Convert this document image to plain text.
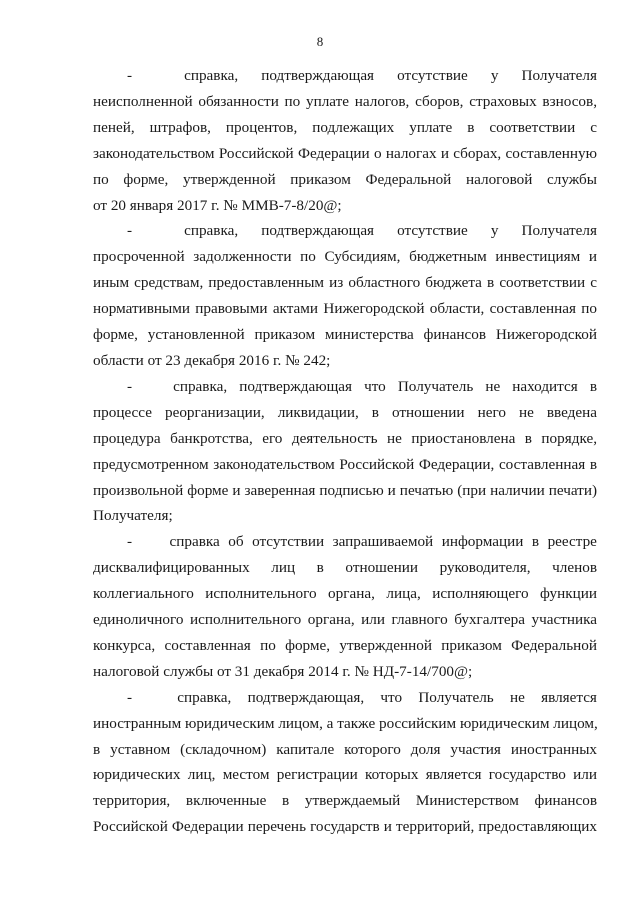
8
-	справка, подтверждающая отсутствие у Получателя
неисполненной обязанности по уплате налогов, сборов, страховых взносов,
пеней, штрафов, процентов, подлежащих уплате в соответствии с
законодательством Российской Федерации о налогах и сборах, составленную
по форме, утвержденной приказом Федеральной налоговой службы
от 20 января 2017 г. № ММВ-7-8/20@;
-	справка, подтверждающая отсутствие у Получателя
просроченной задолженности по Субсидиям, бюджетным инвестициям и
иным средствам, предоставленным из областного бюджета в соответствии с
нормативными правовыми актами Нижегородской области, составленная по
форме, установленной приказом министерства финансов Нижегородской
области от 23 декабря 2016 г. № 242;
-	справка, подтверждающая что Получатель не находится в
процессе реорганизации, ликвидации, в отношении него не введена
процедура банкротства, его деятельность не приостановлена в порядке,
предусмотренном законодательством Российской Федерации, составленная в
произвольной форме и заверенная подписью и печатью (при наличии печати)
Получателя;
-	справка об отсутствии запрашиваемой информации в реестре
дисквалифицированных лиц в отношении руководителя, членов
коллегиального исполнительного органа, лица, исполняющего функции
единоличного исполнительного органа, или главного бухгалтера участника
конкурса, составленная по форме, утвержденной приказом Федеральной
налоговой службы от 31 декабря 2014 г. № НД-7-14/700@;
-	справка, подтверждающая, что Получатель не является
иностранным юридическим лицом, а также российским юридическим лицом,
в уставном (складочном) капитале которого доля участия иностранных
юридических лиц, местом регистрации которых является государство или
территория, включенные в утверждаемый Министерством финансов
Российской Федерации перечень государств и территорий, предоставляющих
